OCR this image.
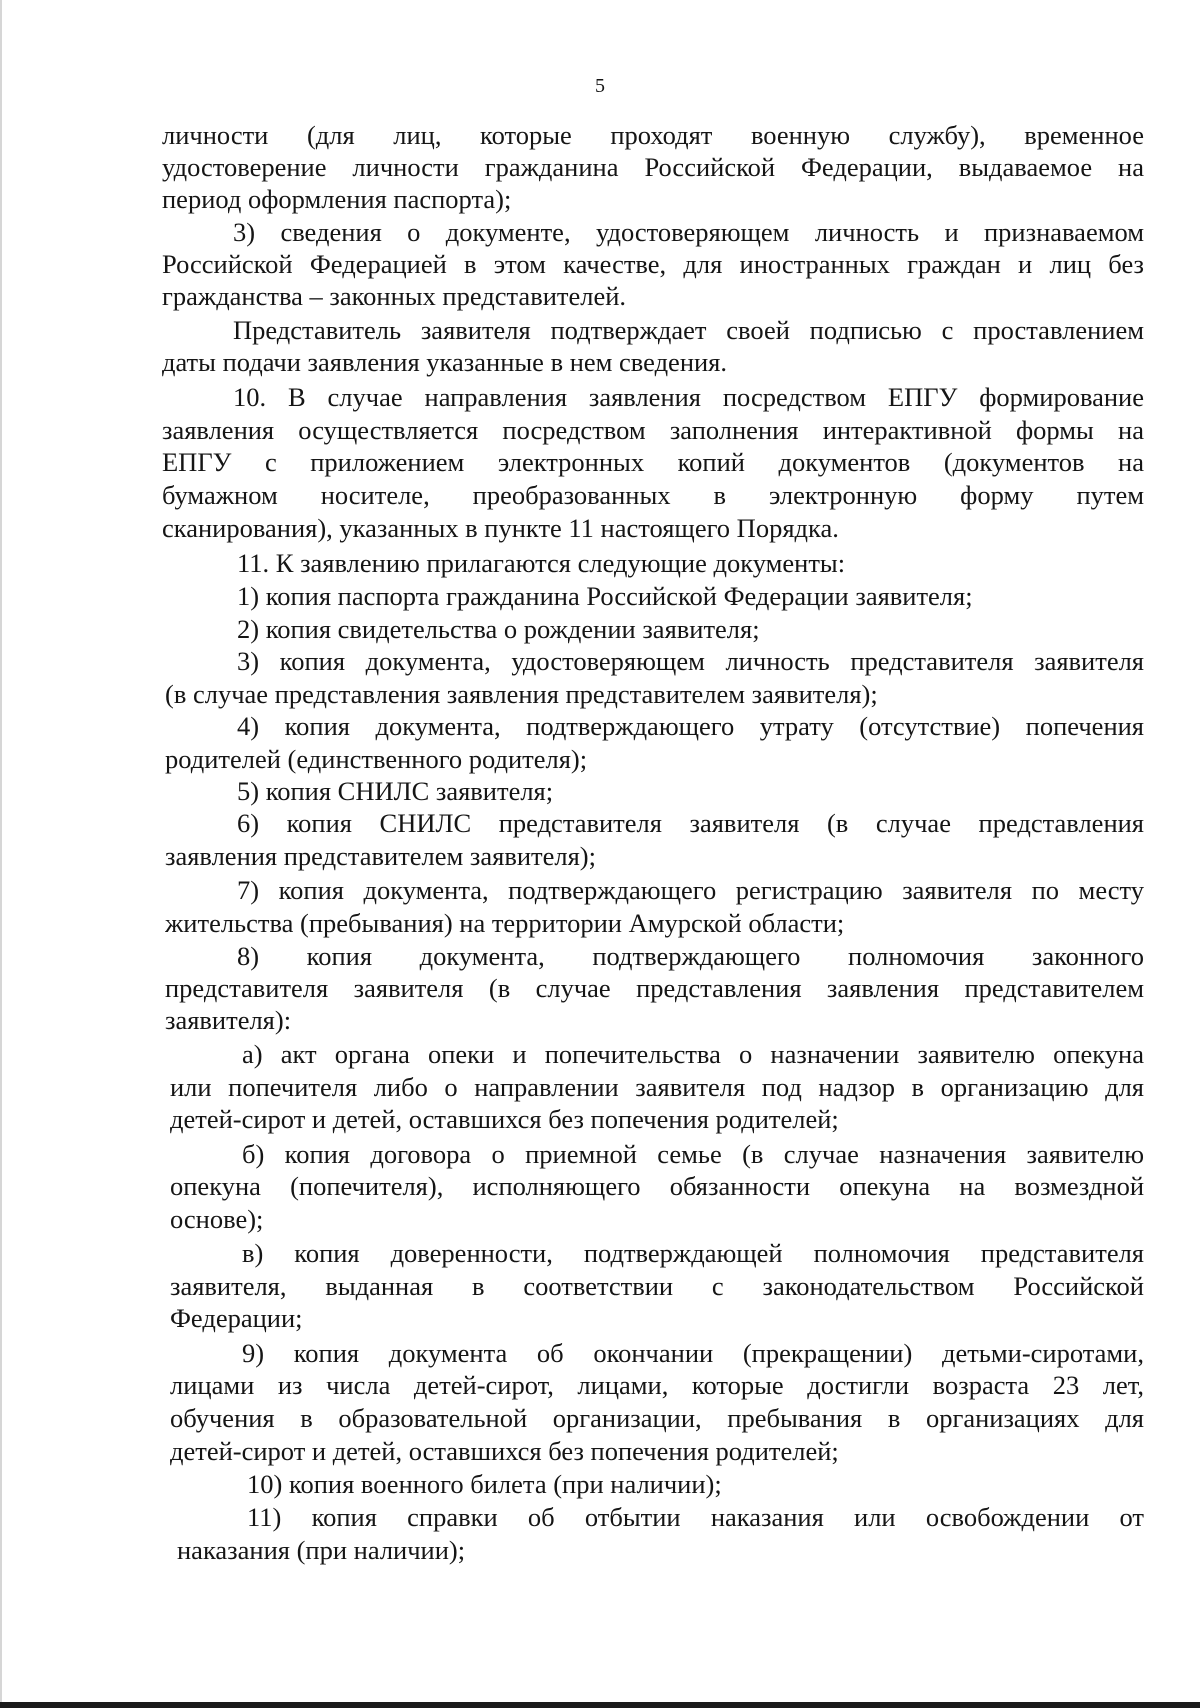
5
личности (для лиц, которые проходят военную службу), временное
удостоверение личности гражданина Российской Федерации, выдаваемое на
период оформления паспорта);
3) сведения о документе, удостоверяющем личность и признаваемом
Российской Федерацией в этом качестве, для иностранных граждан и лиц без
гражданства – законных представителей.
Представитель заявителя подтверждает своей подписью с проставлением
даты подачи заявления указанные в нем сведения.
10. В случае направления заявления посредством ЕПГУ формирование
заявления осуществляется посредством заполнения интерактивной формы на
ЕПГУ с приложением электронных копий документов (документов на
бумажном носителе, преобразованных в электронную форму путем
сканирования), указанных в пункте 11 настоящего Порядка.
11. К заявлению прилагаются следующие документы:
1) копия паспорта гражданина Российской Федерации заявителя;
2) копия свидетельства о рождении заявителя;
3) копия документа, удостоверяющем личность представителя заявителя
(в случае представления заявления представителем заявителя);
4) копия документа, подтверждающего утрату (отсутствие) попечения
родителей (единственного родителя);
5) копия СНИЛС заявителя;
6) копия СНИЛС представителя заявителя (в случае представления
заявления представителем заявителя);
7) копия документа, подтверждающего регистрацию заявителя по месту
жительства (пребывания) на территории Амурской области;
8) копия документа, подтверждающего полномочия законного
представителя заявителя (в случае представления заявления представителем
заявителя):
а) акт органа опеки и попечительства о назначении заявителю опекуна
или попечителя либо о направлении заявителя под надзор в организацию для
детей-сирот и детей, оставшихся без попечения родителей;
б) копия договора о приемной семье (в случае назначения заявителю
опекуна (попечителя), исполняющего обязанности опекуна на возмездной
основе);
в) копия доверенности, подтверждающей полномочия представителя
заявителя, выданная в соответствии с законодательством Российской
Федерации;
9) копия документа об окончании (прекращении) детьми-сиротами,
лицами из числа детей-сирот, лицами, которые достигли возраста 23 лет,
обучения в образовательной организации, пребывания в организациях для
детей-сирот и детей, оставшихся без попечения родителей;
10) копия военного билета (при наличии);
11) копия справки об отбытии наказания или освобождении от
наказания (при наличии);
